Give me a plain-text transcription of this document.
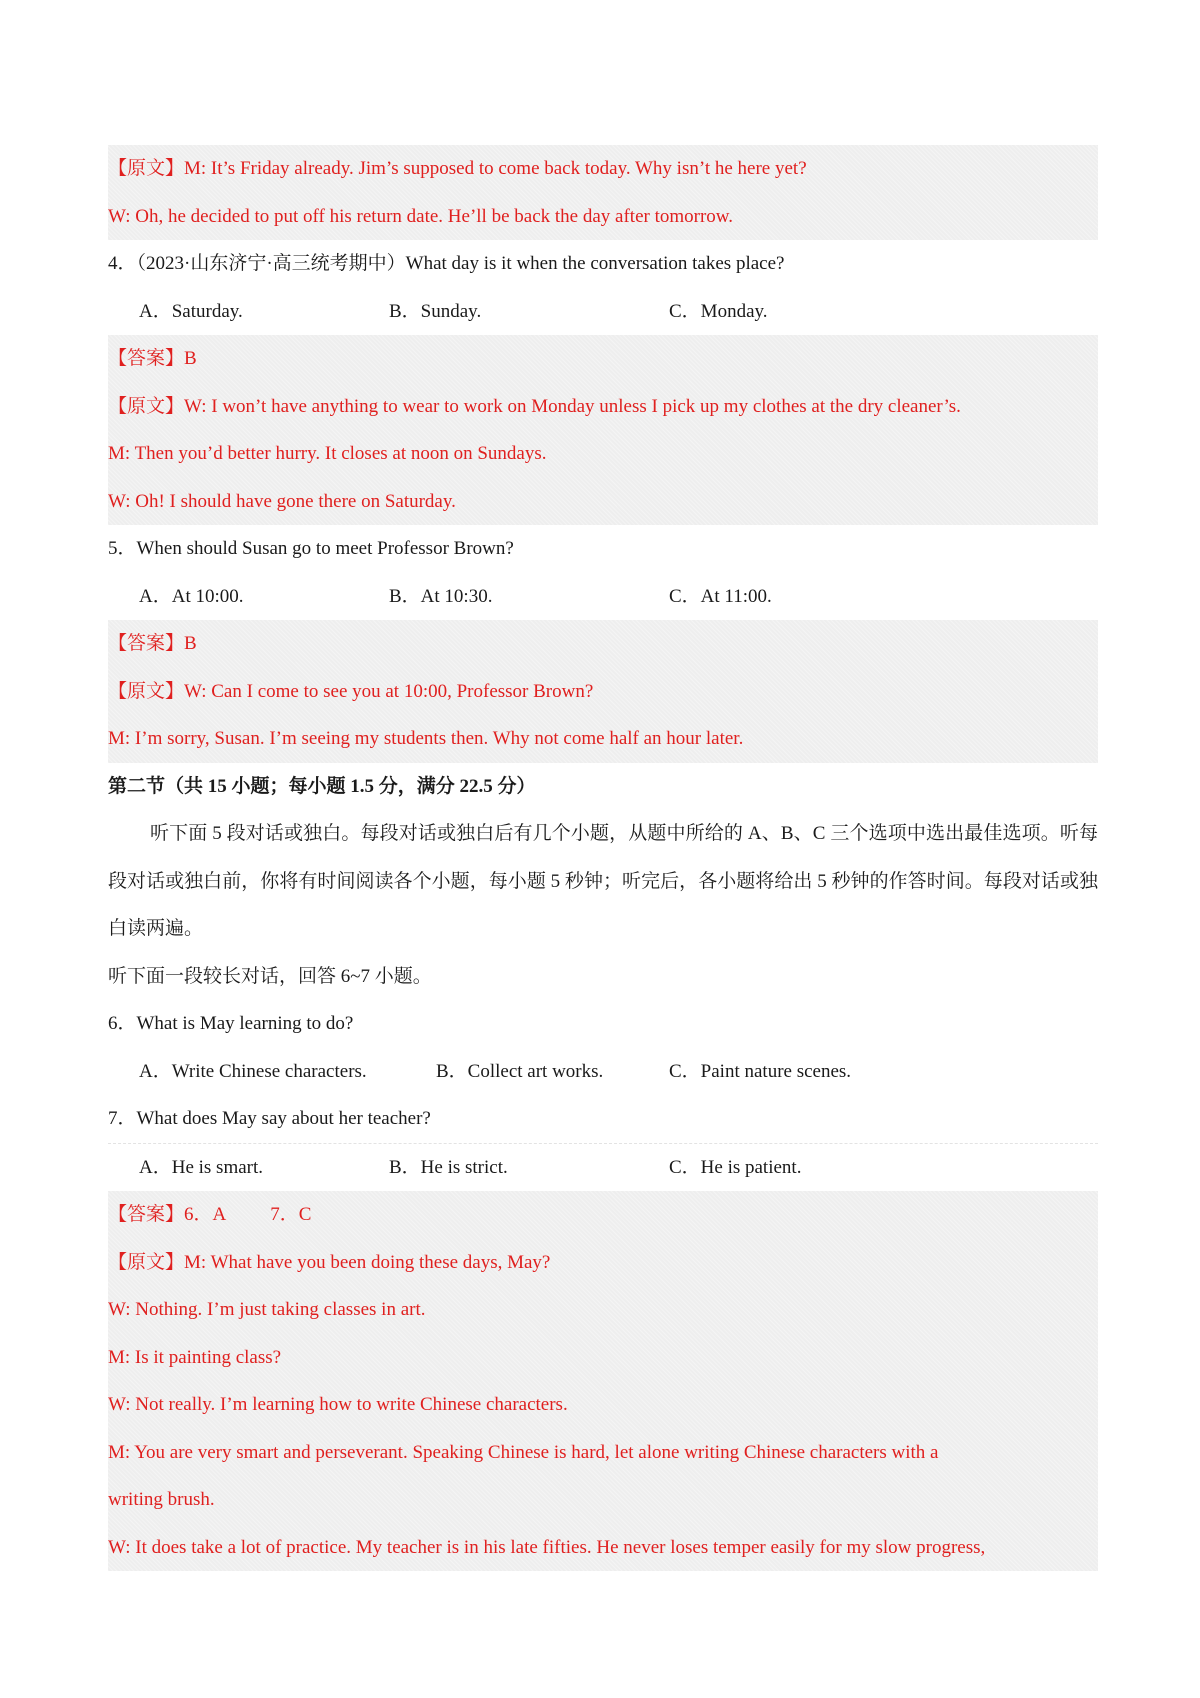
【原文】M: It’s Friday already. Jim’s supposed to come back today. Why isn’t he here yet?
W: Oh, he decided to put off his return date. He’ll be back the day after tomorrow.
4．（2023·山东济宁·高三统考期中）What day is it when the conversation takes place?
A．Saturday.	B．Sunday.	C．Monday.
【答案】B
【原文】W: I won’t have anything to wear to work on Monday unless I pick up my clothes at the dry cleaner’s.
M: Then you’d better hurry. It closes at noon on Sundays.
W: Oh! I should have gone there on Saturday.
5．When should Susan go to meet Professor Brown?
A．At 10:00.	B．At 10:30.	C．At 11:00.
【答案】B
【原文】W: Can I come to see you at 10:00, Professor Brown?
M: I’m sorry, Susan. I’m seeing my students then. Why not come half an hour later.
第二节（共 15 小题；每小题 1.5 分，满分 22.5 分）
听下面 5 段对话或独白。每段对话或独白后有几个小题，从题中所给的 A、B、C 三个选项中选出最佳选项。听每段对话或独白前，你将有时间阅读各个小题，每小题 5 秒钟；听完后，各小题将给出 5 秒钟的作答时间。每段对话或独白读两遍。
听下面一段较长对话，回答 6~7 小题。
6．What is May learning to do?
A．Write Chinese characters.	B．Collect art works.	C．Paint nature scenes.
7．What does May say about her teacher?
A．He is smart.	B．He is strict.	C．He is patient.
【答案】6．A 7．C
【原文】M: What have you been doing these days, May?
W: Nothing. I’m just taking classes in art.
M: Is it painting class?
W: Not really. I’m learning how to write Chinese characters.
M: You are very smart and perseverant. Speaking Chinese is hard, let alone writing Chinese characters with a
writing brush.
W: It does take a lot of practice. My teacher is in his late fifties. He never loses temper easily for my slow progress,
